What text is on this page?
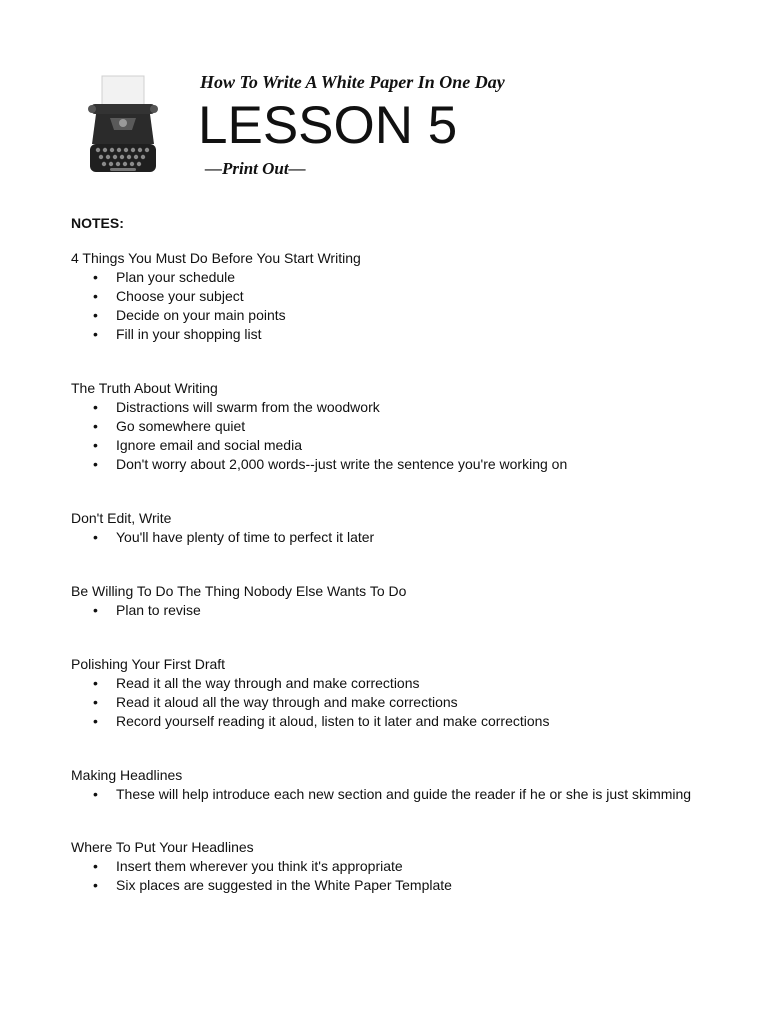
How To Write A White Paper In One Day
LESSON 5
—Print Out—
NOTES:
4 Things You Must Do Before You Start Writing
• Plan your schedule
• Choose your subject
• Decide on your main points
• Fill in your shopping list
The Truth About Writing
• Distractions will swarm from the woodwork
• Go somewhere quiet
• Ignore email and social media
• Don't worry about 2,000 words--just write the sentence you're working on
Don't Edit, Write
• You'll have plenty of time to perfect it later
Be Willing To Do The Thing Nobody Else Wants To Do
• Plan to revise
Polishing Your First Draft
• Read it all the way through and make corrections
• Read it aloud all the way through and make corrections
• Record yourself reading it aloud, listen to it later and make corrections
Making Headlines
• These will help introduce each new section and guide the reader if he or she is just skimming
Where To Put Your Headlines
• Insert them wherever you think it's appropriate
• Six places are suggested in the White Paper Template
